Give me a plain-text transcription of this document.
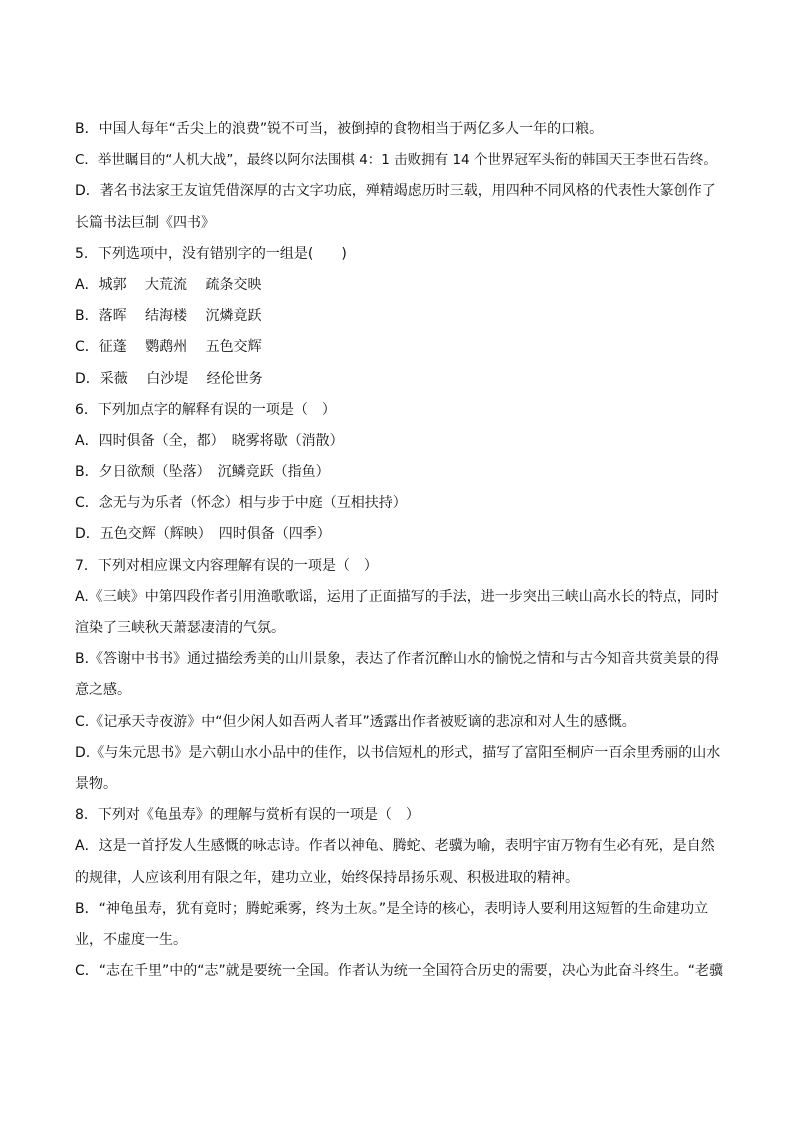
B．中国人每年“舌尖上的浪费”锐不可当，被倒掉的食物相当于两亿多人一年的口粮。
C．举世瞩目的“人机大战”，最终以阿尔法围棋 4：1 击败拥有 14 个世界冠军头衔的韩国天王李世石告终。
D．著名书法家王友谊凭借深厚的古文字功底，殚精竭虑历时三载，用四种不同风格的代表性大篆创作了
长篇书法巨制《四书》
5．下列选项中，没有错别字的一组是(　　)
A．城郭　 大荒流　 疏条交映
B．落晖　 结海楼　 沉燐竟跃
C．征蓬　 鹦鹉州　 五色交辉
D．采薇　 白沙堤　 经伦世务
6．下列加点字的解释有误的一项是（　）
A．四时俱备（全，都）　晓雾将歇（消散）
B．夕日欲颓（坠落）　沉鳞竞跃（指鱼）
C．念无与为乐者（怀念）相与步于中庭（互相扶持）
D．五色交辉（辉映）　四时俱备（四季）
7．下列对相应课文内容理解有误的一项是（　）
A.《三峡》中第四段作者引用渔歌歌谣，运用了正面描写的手法，进一步突出三峡山高水长的特点，同时
渲染了三峡秋天萧瑟凄清的气氛。
B.《答谢中书书》通过描绘秀美的山川景象，表达了作者沉醉山水的愉悦之情和与古今知音共赏美景的得
意之感。
C.《记承天寺夜游》中“但少闲人如吾两人者耳”透露出作者被贬谪的悲凉和对人生的感慨。
D.《与朱元思书》是六朝山水小品中的佳作，以书信短札的形式，描写了富阳至桐庐一百余里秀丽的山水
景物。
8．下列对《龟虽寿》的理解与赏析有误的一项是（　）
A．这是一首抒发人生感慨的咏志诗。作者以神龟、腾蛇、老骥为喻，表明宇宙万物有生必有死，是自然
的规律，人应该利用有限之年，建功立业，始终保持昂扬乐观、积极进取的精神。
B．“神龟虽寿，犹有竟时；腾蛇乘雾，终为土灰。”是全诗的核心，表明诗人要利用这短暂的生命建功立
业，不虚度一生。
C．“志在千里”中的“志”就是要统一全国。作者认为统一全国符合历史的需要，决心为此奋斗终生。“老骥
